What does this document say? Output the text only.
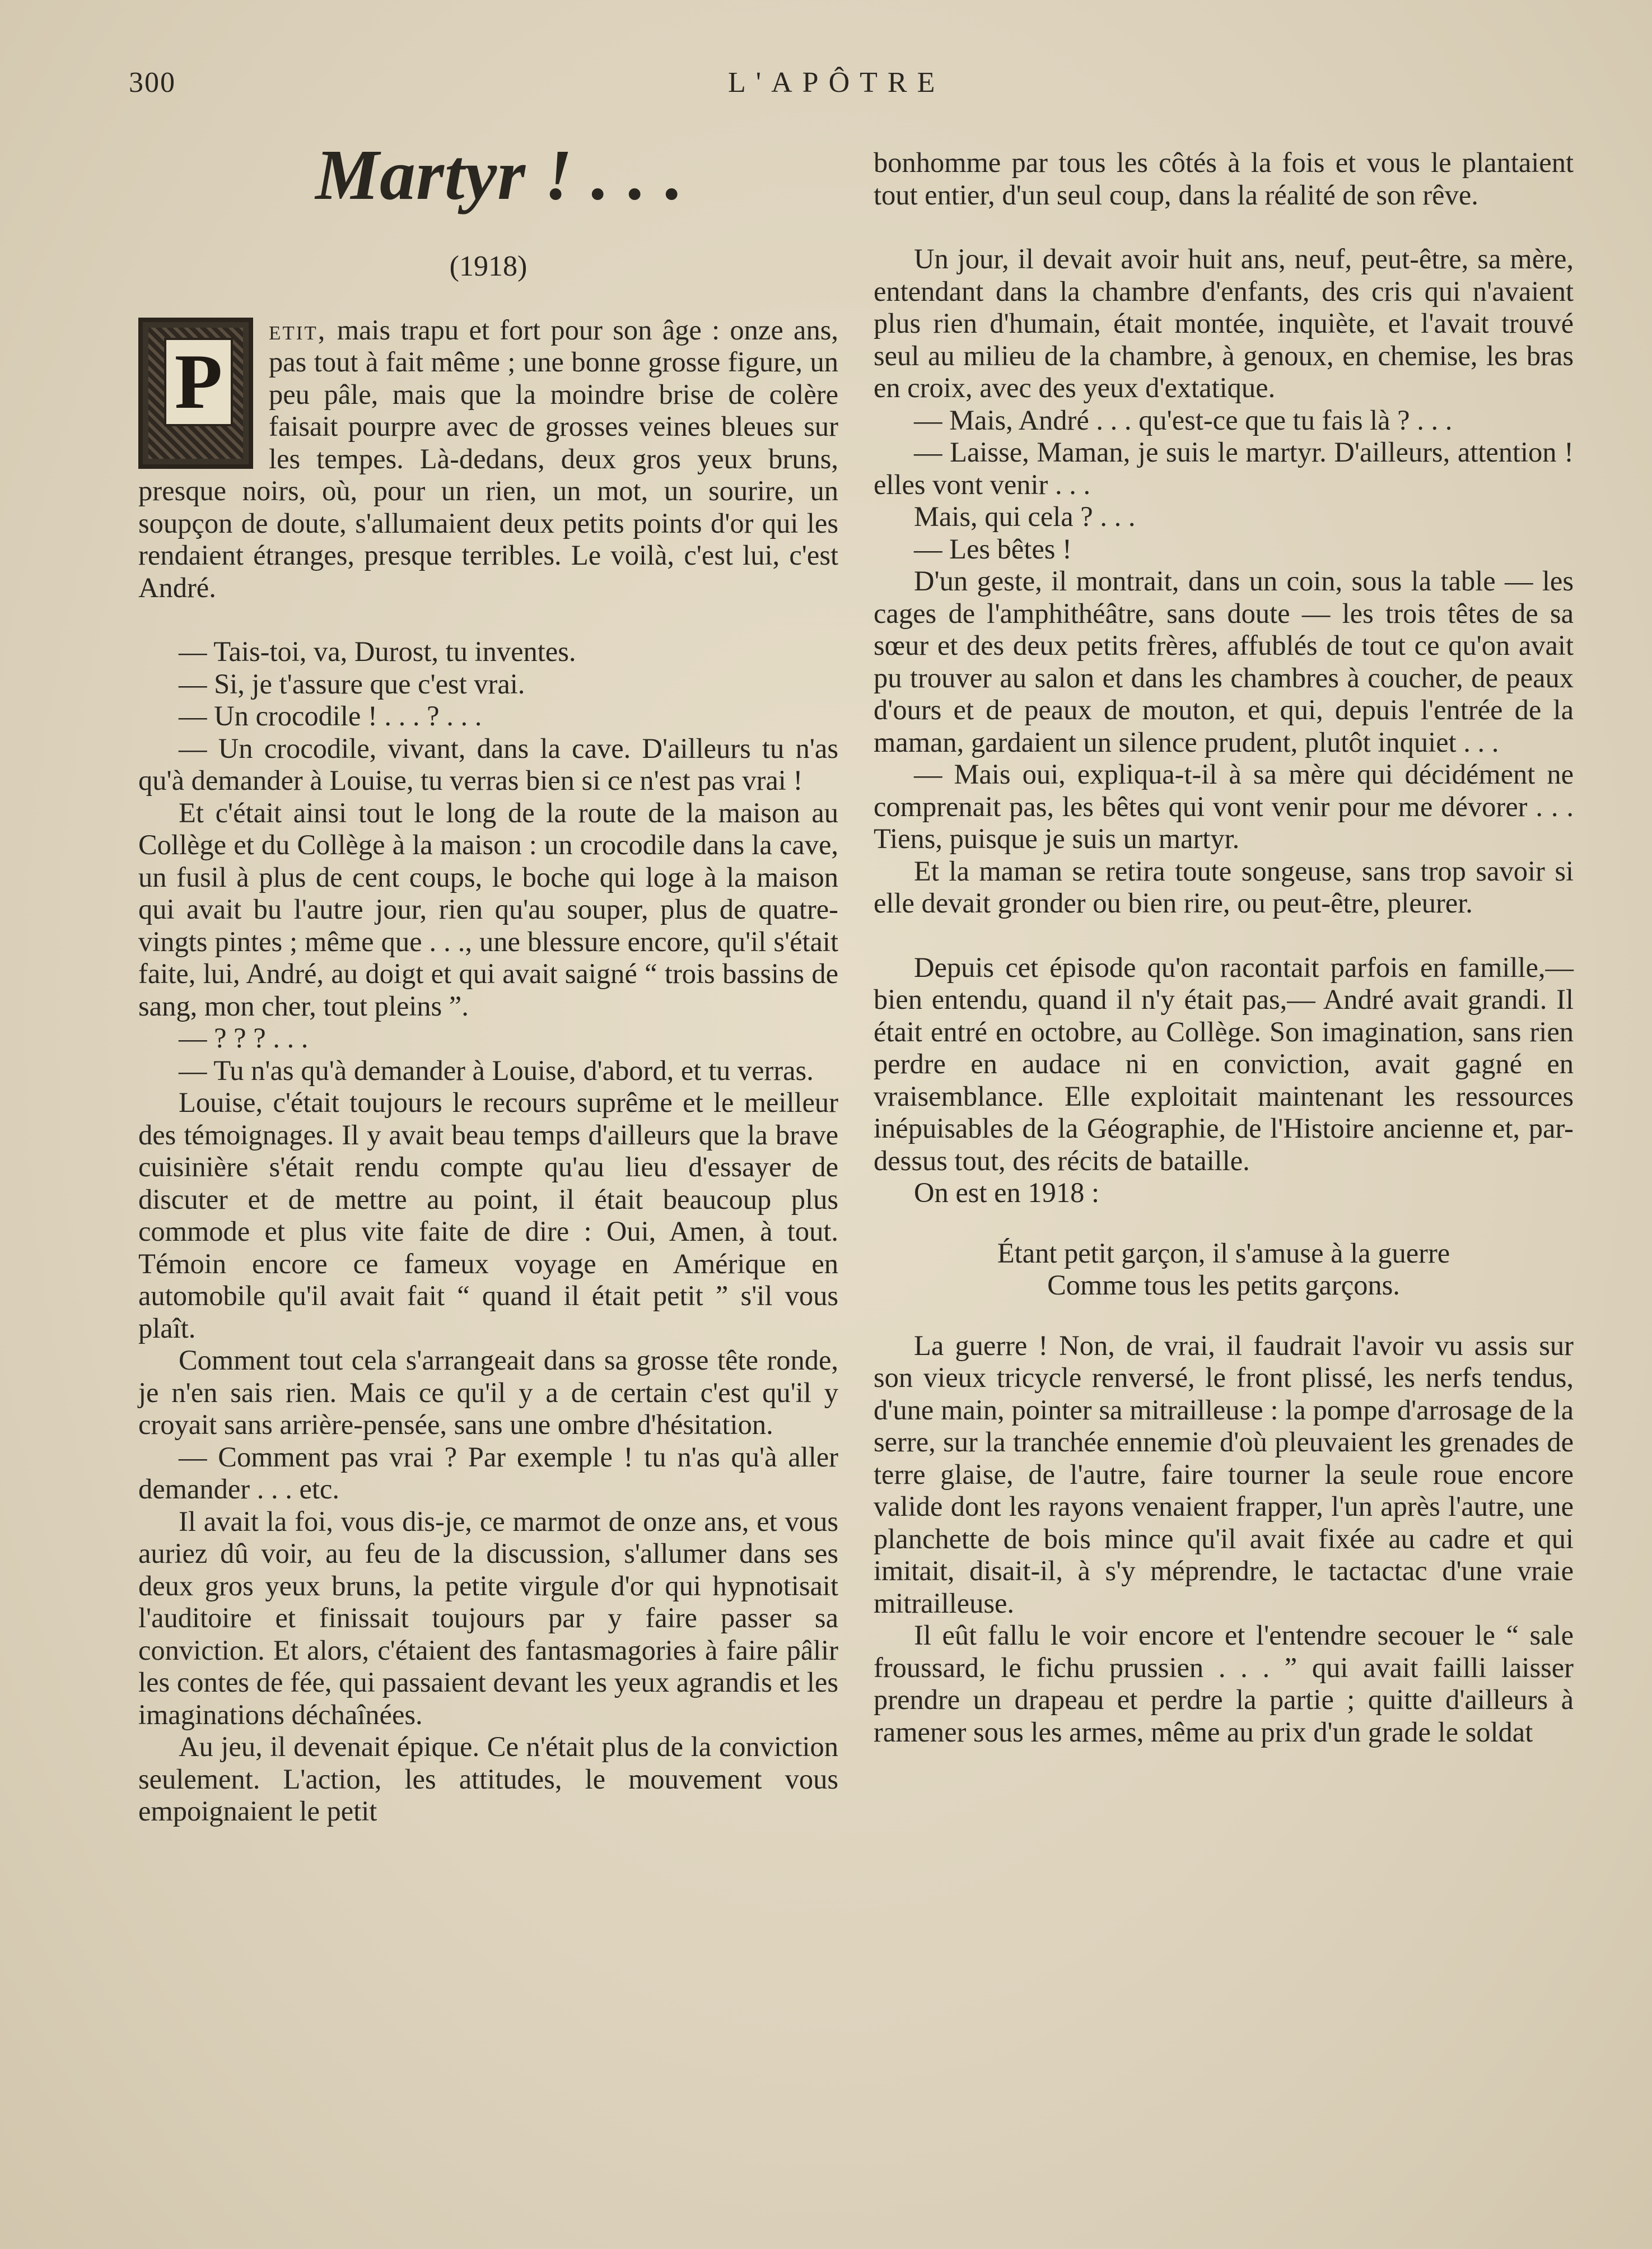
300	L'APÔTRE
Martyr ! . . .
(1918)

P
etit, mais trapu et fort pour son âge : onze ans, pas tout à fait même ; une bonne grosse figure, un peu pâle, mais que la moindre brise de colère faisait pourpre avec de grosses veines bleues sur les tempes. Là-dedans, deux gros yeux bruns, presque noirs, où, pour un rien, un mot, un sourire, un soupçon de doute, s'allumaient deux petits points d'or qui les rendaient étranges, presque terribles. Le voilà, c'est lui, c'est André.

— Tais-toi, va, Durost, tu inventes.

— Si, je t'assure que c'est vrai.

— Un crocodile ! . . . ? . . .

— Un crocodile, vivant, dans la cave. D'ailleurs tu n'as qu'à demander à Louise, tu verras bien si ce n'est pas vrai !

Et c'était ainsi tout le long de la route de la maison au Collège et du Collège à la maison : un crocodile dans la cave, un fusil à plus de cent coups, le boche qui loge à la maison qui avait bu l'autre jour, rien qu'au souper, plus de quatre-vingts pintes ; même que . . ., une blessure encore, qu'il s'était faite, lui, André, au doigt et qui avait saigné “ trois bassins de sang, mon cher, tout pleins ”.

— ? ? ? . . .

— Tu n'as qu'à demander à Louise, d'abord, et tu verras.

Louise, c'était toujours le recours suprême et le meilleur des témoignages. Il y avait beau temps d'ailleurs que la brave cuisinière s'était rendu compte qu'au lieu d'essayer de discuter et de mettre au point, il était beaucoup plus commode et plus vite faite de dire : Oui, Amen, à tout. Témoin encore ce fameux voyage en Amérique en automobile qu'il avait fait “ quand il était petit ” s'il vous plaît.

Comment tout cela s'arrangeait dans sa grosse tête ronde, je n'en sais rien. Mais ce qu'il y a de certain c'est qu'il y croyait sans arrière-pensée, sans une ombre d'hésitation.

— Comment pas vrai ? Par exemple ! tu n'as qu'à aller demander . . . etc.

Il avait la foi, vous dis-je, ce marmot de onze ans, et vous auriez dû voir, au feu de la discussion, s'allumer dans ses deux gros yeux bruns, la petite virgule d'or qui hypnotisait l'auditoire et finissait toujours par y faire passer sa conviction. Et alors, c'étaient des fantasmagories à faire pâlir les contes de fée, qui passaient devant les yeux agrandis et les imaginations déchaînées.

Au jeu, il devenait épique. Ce n'était plus de la conviction seulement. L'action, les attitudes, le mouvement vous empoignaient le petit

bonhomme par tous les côtés à la fois et vous le plantaient tout entier, d'un seul coup, dans la réalité de son rêve.

Un jour, il devait avoir huit ans, neuf, peut-être, sa mère, entendant dans la chambre d'enfants, des cris qui n'avaient plus rien d'humain, était montée, inquiète, et l'avait trouvé seul au milieu de la chambre, à genoux, en chemise, les bras en croix, avec des yeux d'extatique.

— Mais, André . . . qu'est-ce que tu fais là ? . . .

— Laisse, Maman, je suis le martyr. D'ailleurs, attention ! elles vont venir . . .

Mais, qui cela ? . . .

— Les bêtes !

D'un geste, il montrait, dans un coin, sous la table — les cages de l'amphithéâtre, sans doute — les trois têtes de sa sœur et des deux petits frères, affublés de tout ce qu'on avait pu trouver au salon et dans les chambres à coucher, de peaux d'ours et de peaux de mouton, et qui, depuis l'entrée de la maman, gardaient un silence prudent, plutôt inquiet . . .

— Mais oui, expliqua-t-il à sa mère qui décidément ne comprenait pas, les bêtes qui vont venir pour me dévorer . . . Tiens, puisque je suis un martyr.

Et la maman se retira toute songeuse, sans trop savoir si elle devait gronder ou bien rire, ou peut-être, pleurer.

Depuis cet épisode qu'on racontait parfois en famille,— bien entendu, quand il n'y était pas,— André avait grandi. Il était entré en octobre, au Collège. Son imagination, sans rien perdre en audace ni en conviction, avait gagné en vraisemblance. Elle exploitait maintenant les ressources inépuisables de la Géographie, de l'Histoire ancienne et, par-dessus tout, des récits de bataille.

On est en 1918 :

Étant petit garçon, il s'amuse à la guerre
Comme tous les petits garçons.

La guerre ! Non, de vrai, il faudrait l'avoir vu assis sur son vieux tricycle renversé, le front plissé, les nerfs tendus, d'une main, pointer sa mitrailleuse : la pompe d'arrosage de la serre, sur la tranchée ennemie d'où pleuvaient les grenades de terre glaise, de l'autre, faire tourner la seule roue encore valide dont les rayons venaient frapper, l'un après l'autre, une planchette de bois mince qu'il avait fixée au cadre et qui imitait, disait-il, à s'y méprendre, le tactactac d'une vraie mitrailleuse.

Il eût fallu le voir encore et l'entendre secouer le “ sale froussard, le fichu prussien . . . ” qui avait failli laisser prendre un drapeau et perdre la partie ; quitte d'ailleurs à ramener sous les armes, même au prix d'un grade le soldat
